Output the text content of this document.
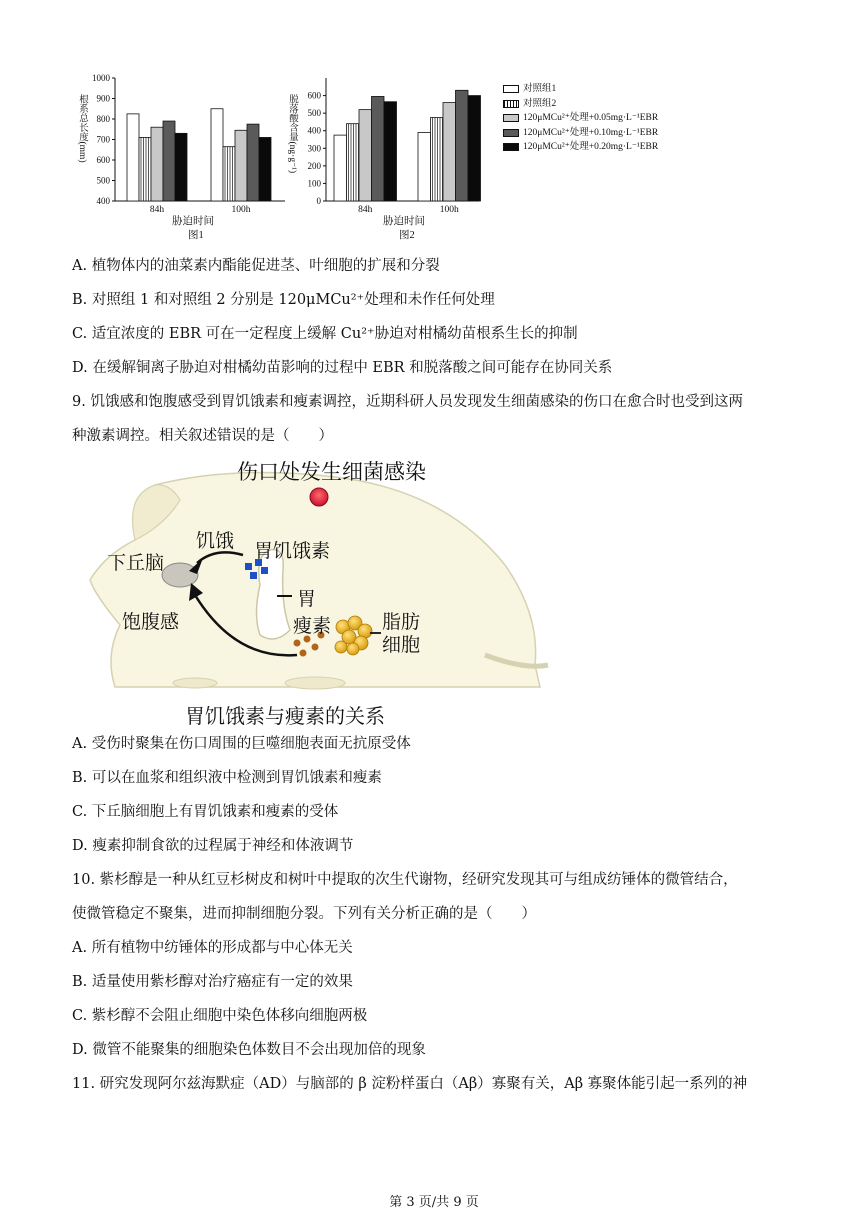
400
500
600
700
800
900
1000
84h	100h
根系总长度(mm)
胁迫时间
图1
0
100
200
300
400
500
600
84h	100h
脱落酸含量(ng·g⁻¹)
胁迫时间
图2
对照组1
对照组2
120μMCu²⁺处理+0.05mg·L⁻¹EBR
120μMCu²⁺处理+0.10mg·L⁻¹EBR
120μMCu²⁺处理+0.20mg·L⁻¹EBR
A. 植物体内的油菜素内酯能促进茎、叶细胞的扩展和分裂
B. 对照组 1 和对照组 2 分别是 120μMCu²⁺处理和未作任何处理
C. 适宜浓度的 EBR 可在一定程度上缓解 Cu²⁺胁迫对柑橘幼苗根系生长的抑制
D. 在缓解铜离子胁迫对柑橘幼苗影响的过程中 EBR 和脱落酸之间可能存在协同关系
9. 饥饿感和饱腹感受到胃饥饿素和瘦素调控，近期科研人员发现发生细菌感染的伤口在愈合时也受到这两
种激素调控。相关叙述错误的是（　　）
伤口处发生细菌感染
饥饿 胃饥饿素
下丘脑
胃
饱腹感	瘦素	脂肪
细胞
胃饥饿素与瘦素的关系
A. 受伤时聚集在伤口周围的巨噬细胞表面无抗原受体
B. 可以在血浆和组织液中检测到胃饥饿素和瘦素
C. 下丘脑细胞上有胃饥饿素和瘦素的受体
D. 瘦素抑制食欲的过程属于神经和体液调节
10. 紫杉醇是一种从红豆杉树皮和树叶中提取的次生代谢物，经研究发现其可与组成纺锤体的微管结合，
使微管稳定不聚集，进而抑制细胞分裂。下列有关分析正确的是（　　）
A. 所有植物中纺锤体的形成都与中心体无关
B. 适量使用紫杉醇对治疗癌症有一定的效果
C. 紫杉醇不会阻止细胞中染色体移向细胞两极
D. 微管不能聚集的细胞染色体数目不会出现加倍的现象
11. 研究发现阿尔兹海默症（AD）与脑部的 β 淀粉样蛋白（Aβ）寡聚有关，Aβ 寡聚体能引起一系列的神
第 3 页/共 9 页
